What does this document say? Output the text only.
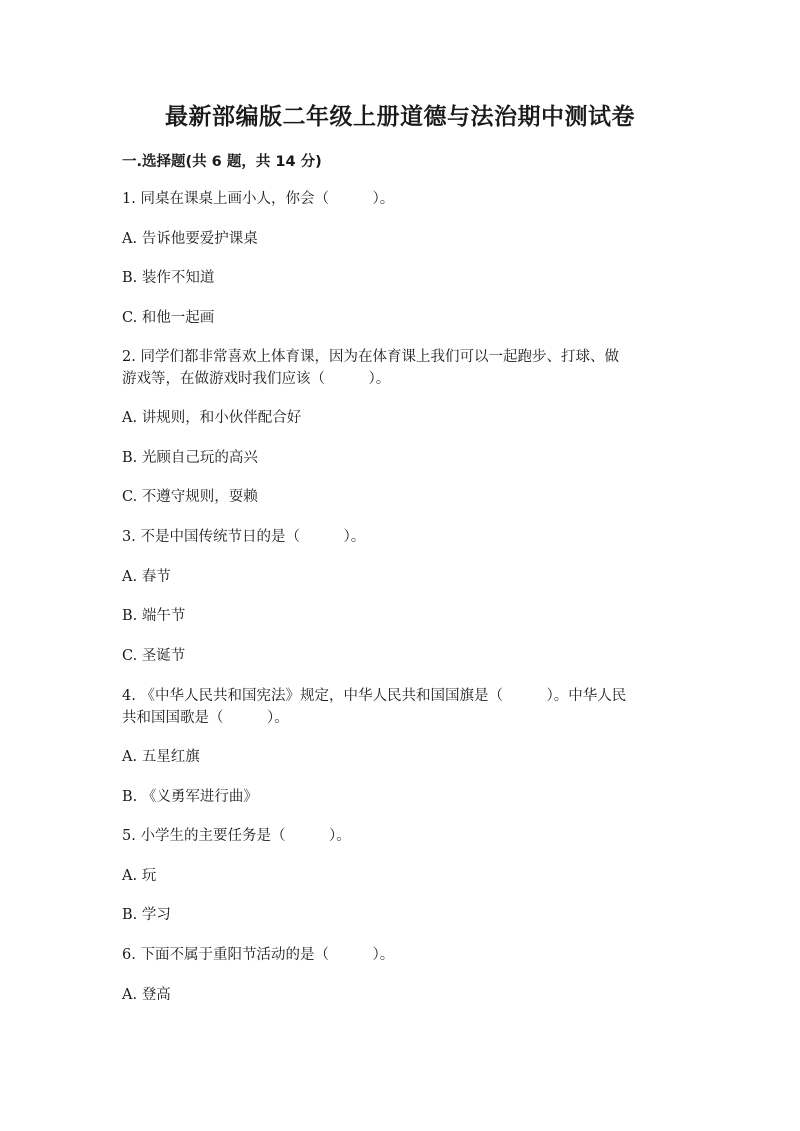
最新部编版二年级上册道德与法治期中测试卷
一.选择题(共 6 题，共 14 分)
1. 同桌在课桌上画小人，你会（　　　）。
A. 告诉他要爱护课桌
B. 装作不知道
C. 和他一起画
2. 同学们都非常喜欢上体育课，因为在体育课上我们可以一起跑步、打球、做
游戏等，在做游戏时我们应该（　　　）。
A. 讲规则，和小伙伴配合好
B. 光顾自己玩的高兴
C. 不遵守规则，耍赖
3. 不是中国传统节日的是（　　　）。
A. 春节
B. 端午节
C. 圣诞节
4. 《中华人民共和国宪法》规定，中华人民共和国国旗是（　　　）。中华人民
共和国国歌是（　　　）。
A. 五星红旗
B. 《义勇军进行曲》
5. 小学生的主要任务是（　　　）。
A. 玩
B. 学习
6. 下面不属于重阳节活动的是（　　　）。
A. 登高
